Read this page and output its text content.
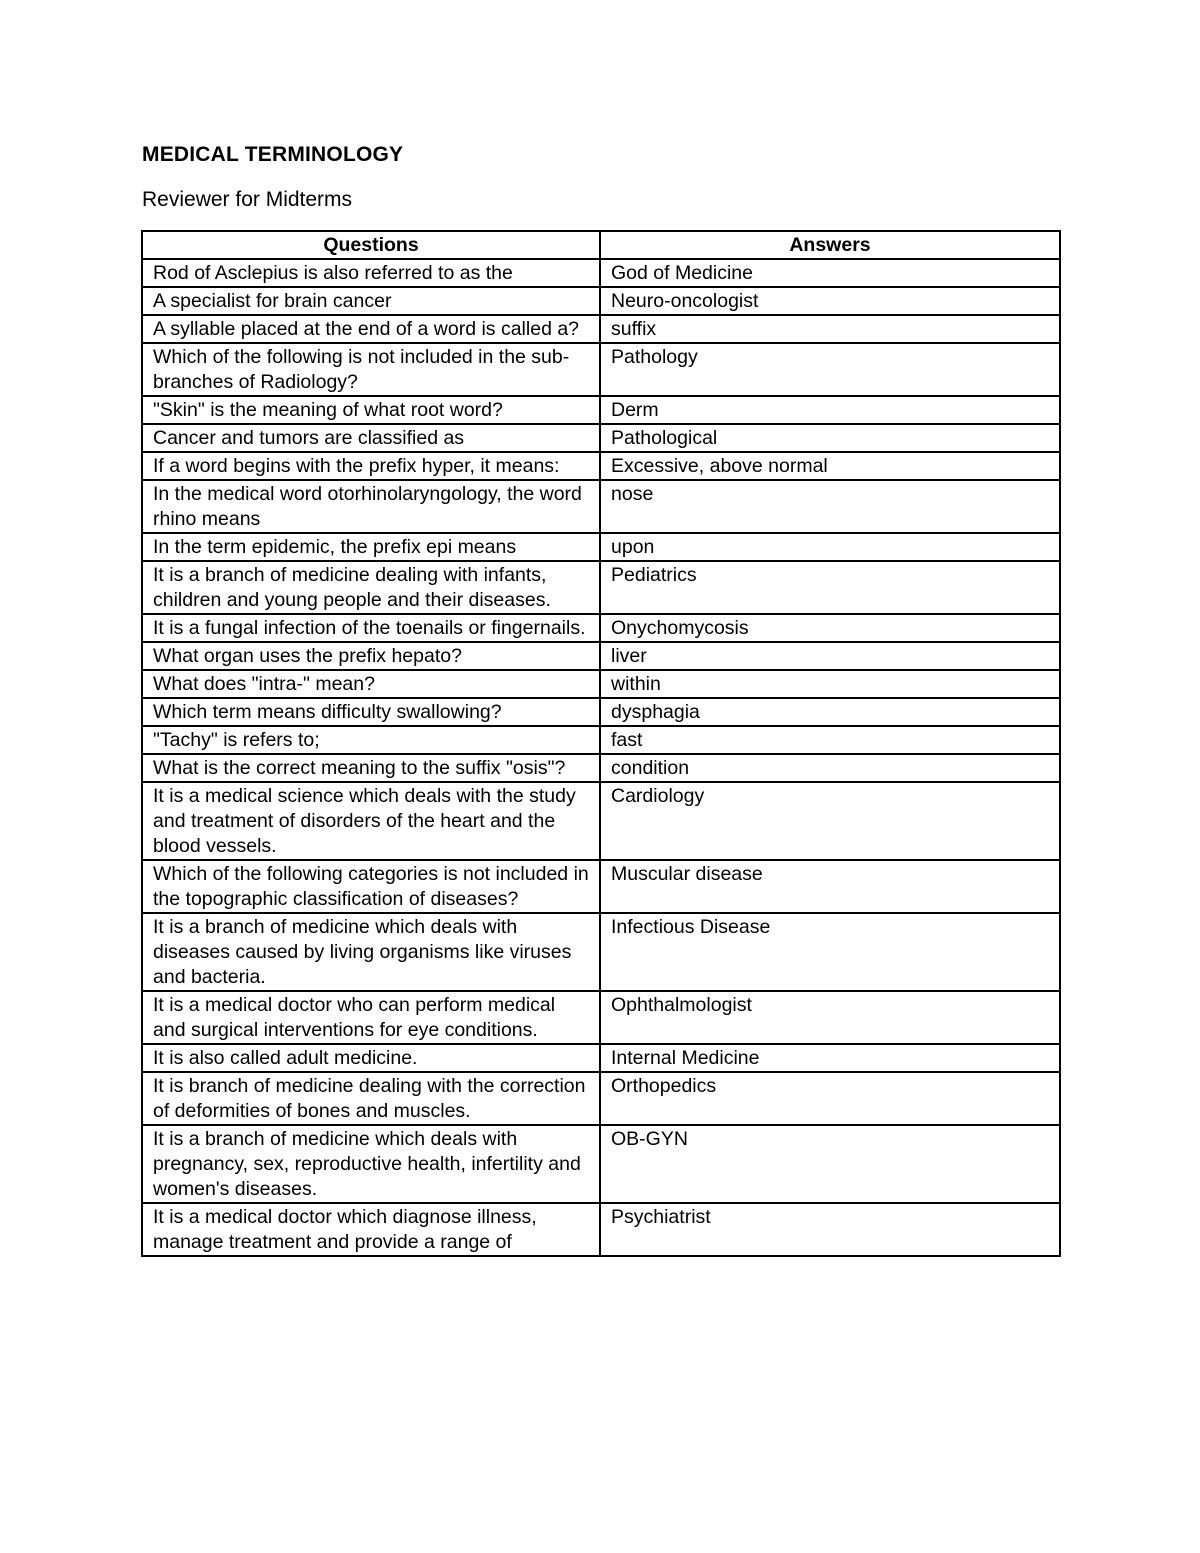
MEDICAL TERMINOLOGY

Reviewer for Midterms

Questions	Answers
Rod of Asclepius is also referred to as the	God of Medicine
A specialist for brain cancer	Neuro-oncologist
A syllable placed at the end of a word is called a?	suffix
Which of the following is not included in the sub-branches of Radiology?	Pathology
"Skin" is the meaning of what root word?	Derm
Cancer and tumors are classified as	Pathological
If a word begins with the prefix hyper, it means:	Excessive, above normal
In the medical word otorhinolaryngology, the word rhino means	nose
In the term epidemic, the prefix epi means	upon
It is a branch of medicine dealing with infants, children and young people and their diseases.	Pediatrics
It is a fungal infection of the toenails or fingernails.	Onychomycosis
What organ uses the prefix hepato?	liver
What does "intra-" mean?	within
Which term means difficulty swallowing?	dysphagia
"Tachy" is refers to;	fast
What is the correct meaning to the suffix "osis"?	condition
It is a medical science which deals with the study and treatment of disorders of the heart and the blood vessels.	Cardiology
Which of the following categories is not included in the topographic classification of diseases?	Muscular disease
It is a branch of medicine which deals with diseases caused by living organisms like viruses and bacteria.	Infectious Disease
It is a medical doctor who can perform medical and surgical interventions for eye conditions.	Ophthalmologist
It is also called adult medicine.	Internal Medicine
It is branch of medicine dealing with the correction of deformities of bones and muscles.	Orthopedics
It is a branch of medicine which deals with pregnancy, sex, reproductive health, infertility and women's diseases.	OB-GYN
It is a medical doctor which diagnose illness, manage treatment and provide a range of	Psychiatrist
